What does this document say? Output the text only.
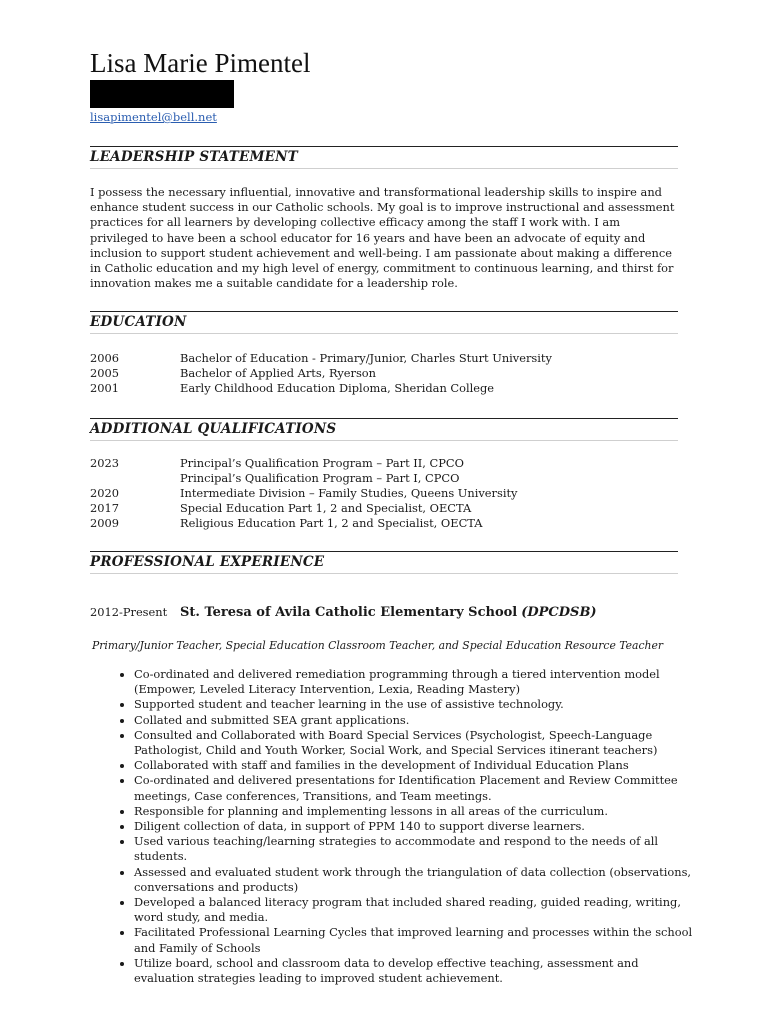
Lisa Marie Pimentel
lisapimentel@bell.net
LEADERSHIP STATEMENT

I possess the necessary influential, innovative and transformational leadership skills to inspire and enhance student success in our Catholic schools. My goal is to improve instructional and assessment practices for all learners by developing collective efficacy among the staff I work with. I am privileged to have been a school educator for 16 years and have been an advocate of equity and inclusion to support student achievement and well-being. I am passionate about making a difference in Catholic education and my high level of energy, commitment to continuous learning, and thirst for innovation makes me a suitable candidate for a leadership role.

EDUCATION
2006	Bachelor of Education - Primary/Junior, Charles Sturt University
2005	Bachelor of Applied Arts, Ryerson
2001	Early Childhood Education Diploma, Sheridan College
ADDITIONAL QUALIFICATIONS
2023	Principal’s Qualification Program – Part II, CPCO
Principal’s Qualification Program – Part I, CPCO
2020	Intermediate Division – Family Studies, Queens University
2017	Special Education Part 1, 2 and Specialist, OECTA
2009	Religious Education Part 1, 2 and Specialist, OECTA
PROFESSIONAL EXPERIENCE
2012-Present St. Teresa of Avila Catholic Elementary School (DPCDSB)
Primary/Junior Teacher, Special Education Classroom Teacher, and Special Education Resource Teacher
• Co-ordinated and delivered remediation programming through a tiered intervention model (Empower, Leveled Literacy Intervention, Lexia, Reading Mastery)
• Supported student and teacher learning in the use of assistive technology.
• Collated and submitted SEA grant applications.
• Consulted and Collaborated with Board Special Services (Psychologist, Speech-Language Pathologist, Child and Youth Worker, Social Work, and Special Services itinerant teachers)
• Collaborated with staff and families in the development of Individual Education Plans
• Co-ordinated and delivered presentations for Identification Placement and Review Committee meetings, Case conferences, Transitions, and Team meetings.
• Responsible for planning and implementing lessons in all areas of the curriculum.
• Diligent collection of data, in support of PPM 140 to support diverse learners.
• Used various teaching/learning strategies to accommodate and respond to the needs of all students.
• Assessed and evaluated student work through the triangulation of data collection (observations, conversations and products)
• Developed a balanced literacy program that included shared reading, guided reading, writing, word study, and media.
• Facilitated Professional Learning Cycles that improved learning and processes within the school and Family of Schools
• Utilize board, school and classroom data to develop effective teaching, assessment and evaluation strategies leading to improved student achievement.
